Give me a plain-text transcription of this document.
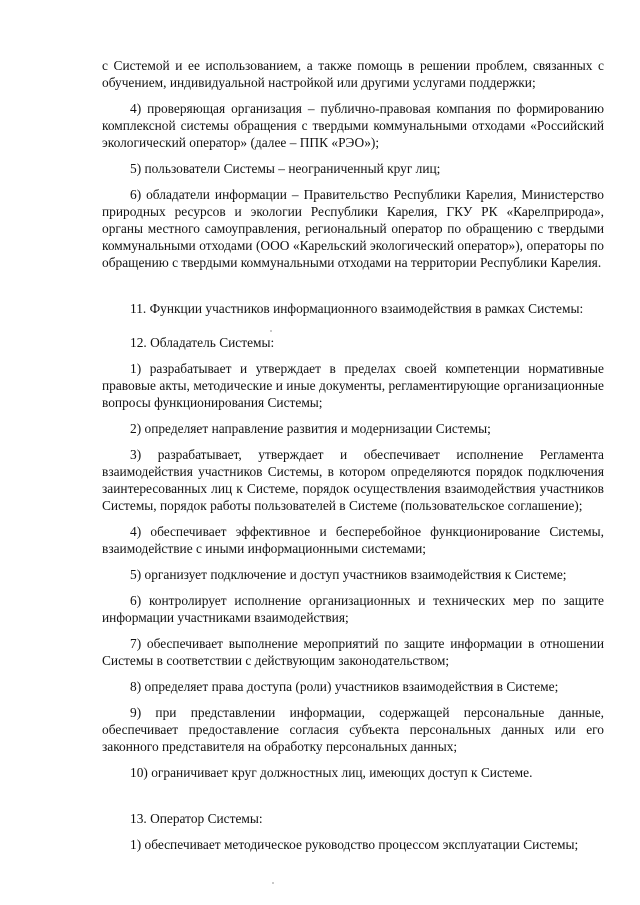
с Системой и ее использованием, а также помощь в решении проблем, связанных с обучением, индивидуальной настройкой или другими услугами поддержки;

4) проверяющая организация – публично-правовая компания по формированию комплексной системы обращения с твердыми коммунальными отходами «Российский экологический оператор» (далее – ППК «РЭО»);

5) пользователи Системы – неограниченный круг лиц;

6) обладатели информации – Правительство Республики Карелия, Министерство природных ресурсов и экологии Республики Карелия, ГКУ РК «Карелприрода», органы местного самоуправления, региональный оператор по обращению с твердыми коммунальными отходами (ООО «Карельский экологический оператор»), операторы по обращению с твердыми коммунальными отходами на территории Республики Карелия.

11. Функции участников информационного взаимодействия в рамках Системы:

12. Обладатель Системы:

1) разрабатывает и утверждает в пределах своей компетенции нормативные правовые акты, методические и иные документы, регламентирующие организационные вопросы функционирования Системы;

2) определяет направление развития и модернизации Системы;

3) разрабатывает, утверждает и обеспечивает исполнение Регламента взаимодействия участников Системы, в котором определяются порядок подключения заинтересованных лиц к Системе, порядок осуществления взаимодействия участников Системы, порядок работы пользователей в Системе (пользовательское соглашение);

4) обеспечивает эффективное и бесперебойное функционирование Системы, взаимодействие с иными информационными системами;

5) организует подключение и доступ участников взаимодействия к Системе;

6) контролирует исполнение организационных и технических мер по защите информации участниками взаимодействия;

7) обеспечивает выполнение мероприятий по защите информации в отношении Системы в соответствии с действующим законодательством;

8) определяет права доступа (роли) участников взаимодействия в Системе;

9) при представлении информации, содержащей персональные данные, обеспечивает предоставление согласия субъекта персональных данных или его законного представителя на обработку персональных данных;

10) ограничивает круг должностных лиц, имеющих доступ к Системе.

13. Оператор Системы:

1) обеспечивает методическое руководство процессом эксплуатации Системы;
